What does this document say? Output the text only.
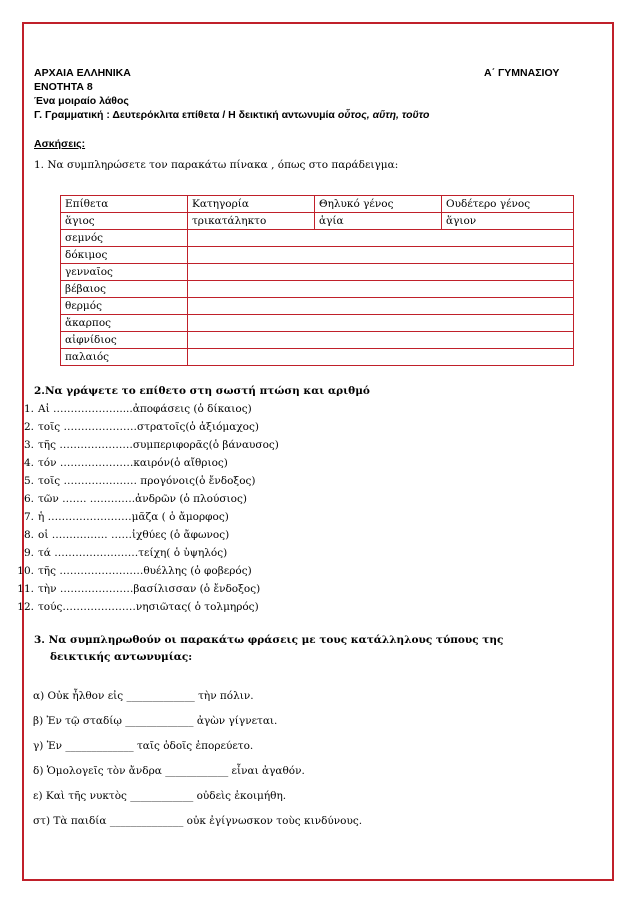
ΑΡΧΑΙΑ ΕΛΛΗΝΙΚΑ	Α΄ ΓΥΜΝΑΣΙΟΥ
ΕΝΟΤΗΤΑ 8
Ένα μοιραίο λάθος
Γ. Γραμματική : Δευτερόκλιτα επίθετα / Η δεικτική αντωνυμία οὗτος, αὕτη, τοῦτο
Ασκήσεις:
1. Να συμπληρώσετε τον παρακάτω πίνακα , όπως στο παράδειγμα:
Επίθετα	Κατηγορία	Θηλυκό γένος	Ουδέτερο γένος
ἅγιος	τρικατάληκτο	ἁγία	ἅγιον
σεμνός			
δόκιμος			
γενναῖος			
βέβαιος			
θερμός			
ἄκαρπος			
αἰφνίδιος			
παλαιός			
2.Να γράψετε το επίθετο στη σωστή πτώση και αριθμό
1. Αἱ ……………….....ἀποφάσεις (ὁ δίκαιος)
2. τοῖς …………………στρατοῖς(ὁ ἀξιόμαχος)
3. τῆς …………………συμπεριφορᾶς(ὁ βάναυσος)
4. τόν …………………καιρόν(ὁ αἴθριος)
5. τοῖς ………………… προγόνοις(ὁ ἔνδοξος)
6. τῶν ……. ………….ἀνδρῶν (ὁ πλούσιος)
7. ἡ ……………………μᾶζα ( ὁ ἄμορφος)
8. οἱ ……………. ……ἰχθύες (ὁ ἄφωνος)
9. τά ……………………τείχη( ὁ ὑψηλός)
10. τῆς ……………………θυέλλης (ὁ φοβερός)
11. τὴν …………………βασίλισσαν (ὁ ἔνδοξος)
12. τούς…………………νησιῶτας( ὁ τολμηρός)
3. Να συμπληρωθούν οι παρακάτω φράσεις με τους κατάλληλους τύπους της
δεικτικής αντωνυμίας:
α) Οὐκ ἦλθον εἰς _____________ τὴν πόλιν.
β) Ἐν τῷ σταδίῳ _____________ ἀγὼν γίγνεται.
γ) Ἐν _____________ ταῖς ὁδοῖς ἐπορεύετο.
δ) Ὁμολογεῖς τὸν ἄνδρα ____________ εἶναι ἀγαθόν.
ε) Καὶ τῆς νυκτὸς ____________ οὐδεὶς ἐκοιμήθη.
στ) Τὰ παιδία ______________ οὐκ ἐγίγνωσκον τοὺς κινδύνους.
